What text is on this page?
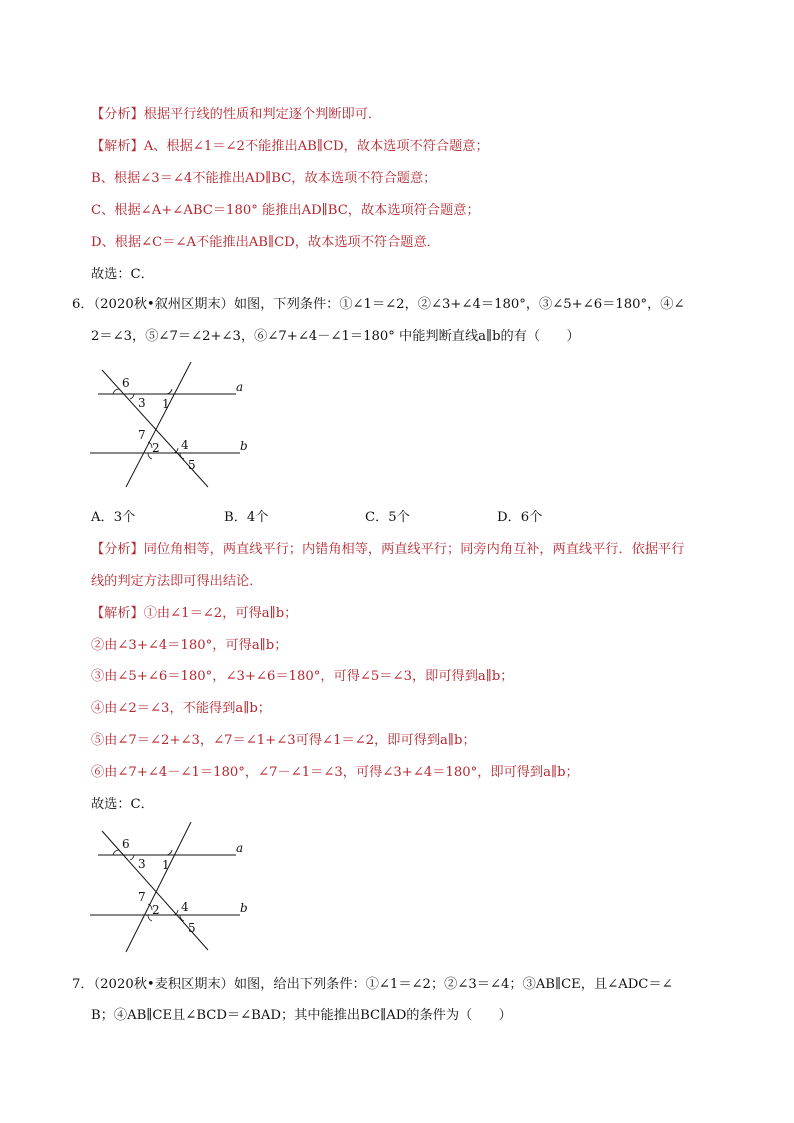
【分析】根据平行线的性质和判定逐个判断即可．
【解析】A、根据∠1＝∠2不能推出AB∥CD，故本选项不符合题意；
B、根据∠3＝∠4不能推出AD∥BC，故本选项不符合题意；
C、根据∠A+∠ABC＝180° 能推出AD∥BC，故本选项符合题意；
D、根据∠C＝∠A不能推出AB∥CD，故本选项不符合题意．
故选：C．
6．（2020秋•叙州区期末）如图，下列条件：①∠1＝∠2，②∠3+∠4＝180°，③∠5+∠6＝180°，④∠
2＝∠3，⑤∠7＝∠2+∠3，⑥∠7+∠4－∠1＝180° 中能判断直线a∥b的有（　　）
6
3 1
a
7
2 4
5
b
A．3个	B．4个	C．5个	D．6个
【分析】同位角相等，两直线平行；内错角相等，两直线平行；同旁内角互补，两直线平行．依据平行
线的判定方法即可得出结论．
【解析】①由∠1＝∠2，可得a∥b；
②由∠3+∠4＝180°，可得a∥b；
③由∠5+∠6＝180°，∠3+∠6＝180°，可得∠5＝∠3，即可得到a∥b；
④由∠2＝∠3，不能得到a∥b；
⑤由∠7＝∠2+∠3，∠7＝∠1+∠3可得∠1＝∠2，即可得到a∥b；
⑥由∠7+∠4－∠1＝180°，∠7－∠1＝∠3，可得∠3+∠4＝180°，即可得到a∥b；
故选：C．
6
3 1
a
7
2 4
5
b
7．（2020秋•麦积区期末）如图，给出下列条件：①∠1＝∠2；②∠3＝∠4；③AB∥CE，且∠ADC＝∠
B；④AB∥CE且∠BCD＝∠BAD；其中能推出BC∥AD的条件为（　　）
